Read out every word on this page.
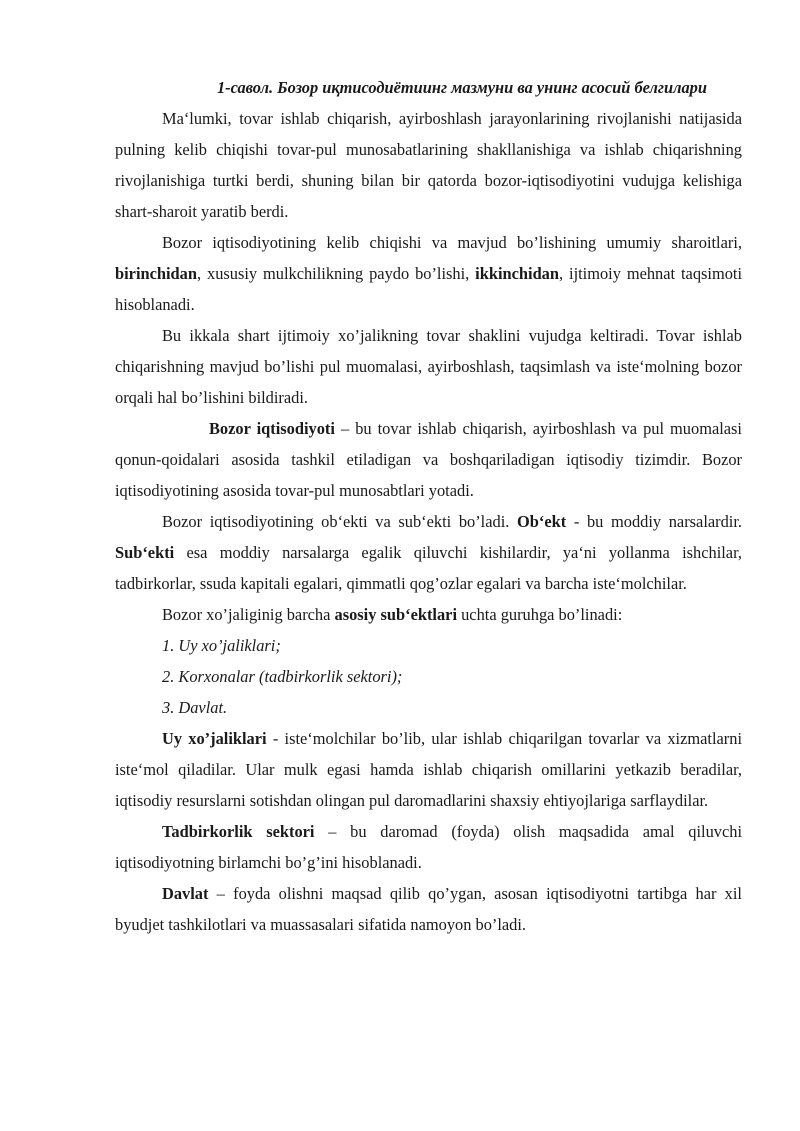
1-савол. Бозор иқтисодиётиинг мазмуни ва унинг асосий белгилари

Ma‘lumki, tovar ishlab chiqarish, ayirboshlash jarayonlarining rivojlanishi natijasida pulning kelib chiqishi tovar-pul munosabatlarining shakllanishiga va ishlab chiqarishning rivojlanishiga turtki berdi, shuning bilan bir qatorda bozor-iqtisodiyotini vudujga kelishiga shart-sharoit yaratib berdi.

Bozor iqtisodiyotining kelib chiqishi va mavjud bo’lishining umumiy sharoitlari, birinchidan, xususiy mulkchilikning paydo bo’lishi, ikkinchidan, ijtimoiy mehnat taqsimoti hisoblanadi.

Bu ikkala shart ijtimoiy xo’jalikning tovar shaklini vujudga keltiradi. Tovar ishlab chiqarishning mavjud bo’lishi pul muomalasi, ayirboshlash, taqsimlash va iste‘molning bozor orqali hal bo’lishini bildiradi.

Bozor iqtisodiyoti – bu tovar ishlab chiqarish, ayirboshlash va pul muomalasi qonun-qoidalari asosida tashkil etiladigan va boshqariladigan iqtisodiy tizimdir. Bozor iqtisodiyotining asosida tovar-pul munosabtlari yotadi.

Bozor iqtisodiyotining ob‘ekti va sub‘ekti bo’ladi. Ob‘ekt - bu moddiy narsalardir. Sub‘ekti esa moddiy narsalarga egalik qiluvchi kishilardir, ya‘ni yollanma ishchilar, tadbirkorlar, ssuda kapitali egalari, qimmatli qog’ozlar egalari va barcha iste‘molchilar.

Bozor xo’jaliginig barcha asosiy sub‘ektlari uchta guruhga bo’linadi:

1. Uy xo’jaliklari;

2. Korxonalar (tadbirkorlik sektori);

3. Davlat.

Uy xo’jaliklari - iste‘molchilar bo’lib, ular ishlab chiqarilgan tovarlar va xizmatlarni iste‘mol qiladilar. Ular mulk egasi hamda ishlab chiqarish omillarini yetkazib beradilar, iqtisodiy resurslarni sotishdan olingan pul daromadlarini shaxsiy ehtiyojlariga sarflaydilar.

Tadbirkorlik sektori – bu daromad (foyda) olish maqsadida amal qiluvchi iqtisodiyotning birlamchi bo’g’ini hisoblanadi.

Davlat – foyda olishni maqsad qilib qo’ygan, asosan iqtisodiyotni tartibga har xil byudjet tashkilotlari va muassasalari sifatida namoyon bo’ladi.
